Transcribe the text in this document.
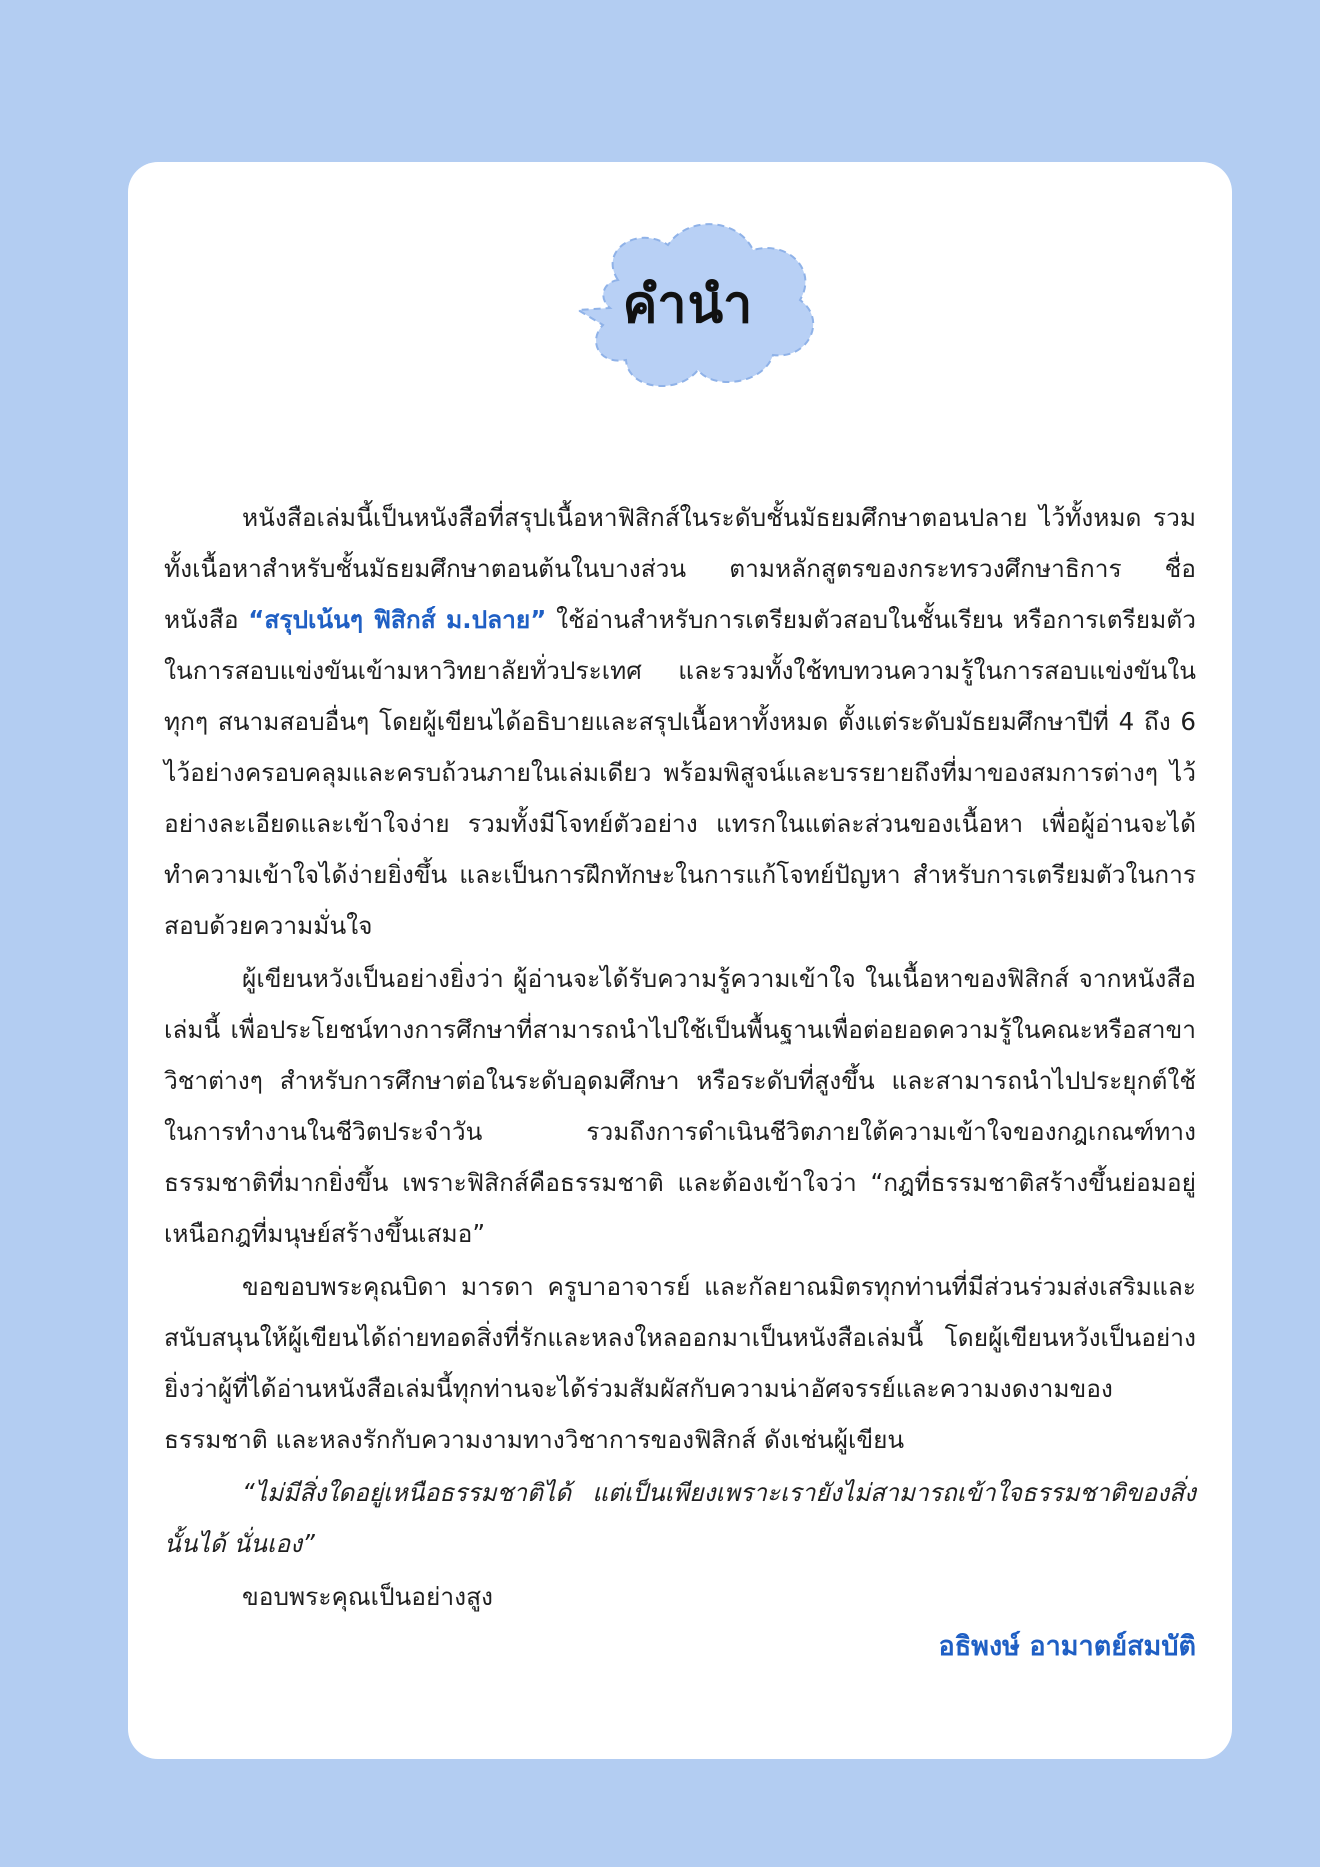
คำนำ

หนังสือเล่มนี้เป็นหนังสือที่สรุปเนื้อหาฟิสิกส์ในระดับชั้นมัธยมศึกษาตอนปลาย ไว้ทั้งหมด รวมทั้งเนื้อหาสำหรับชั้นมัธยมศึกษาตอนต้นในบางส่วน ตามหลักสูตรของกระทรวงศึกษาธิการ ชื่อหนังสือ “สรุปเน้นๆ ฟิสิกส์ ม.ปลาย” ใช้อ่านสำหรับการเตรียมตัวสอบในชั้นเรียน หรือการเตรียมตัวในการสอบแข่งขันเข้ามหาวิทยาลัยทั่วประเทศ และรวมทั้งใช้ทบทวนความรู้ในการสอบแข่งขันในทุกๆ สนามสอบอื่นๆ โดยผู้เขียนได้อธิบายและสรุปเนื้อหาทั้งหมด ตั้งแต่ระดับมัธยมศึกษาปีที่ 4 ถึง 6 ไว้อย่างครอบคลุมและครบถ้วนภายในเล่มเดียว พร้อมพิสูจน์และบรรยายถึงที่มาของสมการต่างๆ ไว้อย่างละเอียดและเข้าใจง่าย รวมทั้งมีโจทย์ตัวอย่าง แทรกในแต่ละส่วนของเนื้อหา เพื่อผู้อ่านจะได้ทำความเข้าใจได้ง่ายยิ่งขึ้น และเป็นการฝึกทักษะในการแก้โจทย์ปัญหา สำหรับการเตรียมตัวในการสอบด้วยความมั่นใจ

ผู้เขียนหวังเป็นอย่างยิ่งว่า ผู้อ่านจะได้รับความรู้ความเข้าใจ ในเนื้อหาของฟิสิกส์ จากหนังสือเล่มนี้ เพื่อประโยชน์ทางการศึกษาที่สามารถนำไปใช้เป็นพื้นฐานเพื่อต่อยอดความรู้ในคณะหรือสาขาวิชาต่างๆ สำหรับการศึกษาต่อในระดับอุดมศึกษา หรือระดับที่สูงขึ้น และสามารถนำไปประยุกต์ใช้ในการทำงานในชีวิตประจำวัน รวมถึงการดำเนินชีวิตภายใต้ความเข้าใจของกฎเกณฑ์ทางธรรมชาติที่มากยิ่งขึ้น เพราะฟิสิกส์คือธรรมชาติ และต้องเข้าใจว่า “กฎที่ธรรมชาติสร้างขึ้นย่อมอยู่เหนือกฎที่มนุษย์สร้างขึ้นเสมอ”

ขอขอบพระคุณบิดา มารดา ครูบาอาจารย์ และกัลยาณมิตรทุกท่านที่มีส่วนร่วมส่งเสริมและสนับสนุนให้ผู้เขียนได้ถ่ายทอดสิ่งที่รักและหลงใหลออกมาเป็นหนังสือเล่มนี้ โดยผู้เขียนหวังเป็นอย่างยิ่งว่าผู้ที่ได้อ่านหนังสือเล่มนี้ทุกท่านจะได้ร่วมสัมผัสกับความน่าอัศจรรย์และความงดงามของธรรมชาติ และหลงรักกับความงามทางวิชาการของฟิสิกส์ ดังเช่นผู้เขียน

“ไม่มีสิ่งใดอยู่เหนือธรรมชาติได้ แต่เป็นเพียงเพราะเรายังไม่สามารถเข้าใจธรรมชาติของสิ่งนั้นได้ นั่นเอง”

ขอบพระคุณเป็นอย่างสูง

อธิพงษ์ อามาตย์สมบัติ
